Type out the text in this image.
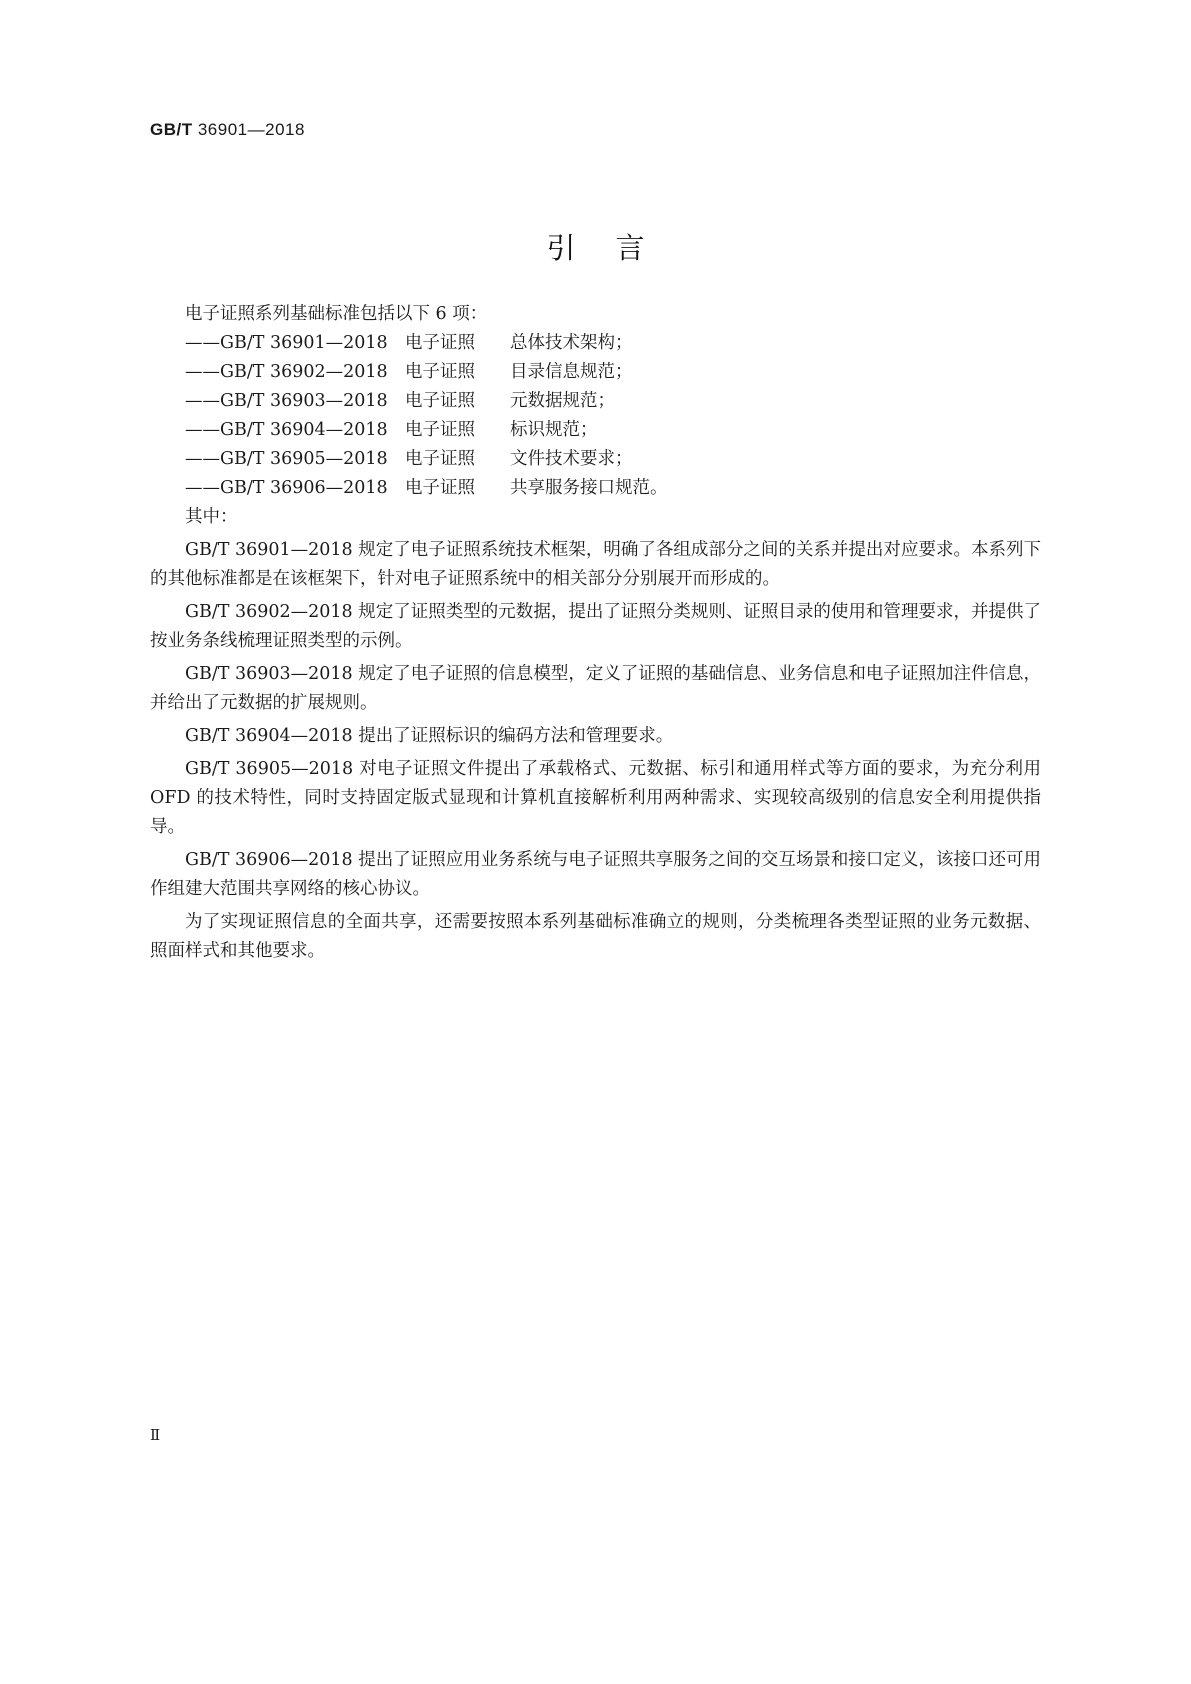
GB/T 36901—2018
引言

电子证照系列基础标准包括以下 6 项：

——GB/T 36901—2018 电子证照	总体技术架构；
——GB/T 36902—2018 电子证照	目录信息规范；
——GB/T 36903—2018 电子证照	元数据规范；
——GB/T 36904—2018 电子证照	标识规范；
——GB/T 36905—2018 电子证照	文件技术要求；
——GB/T 36906—2018 电子证照	共享服务接口规范。

其中：

GB/T 36901—2018 规定了电子证照系统技术框架，明确了各组成部分之间的关系并提出对应要求。本系列下的其他标准都是在该框架下，针对电子证照系统中的相关部分分别展开而形成的。

GB/T 36902—2018 规定了证照类型的元数据，提出了证照分类规则、证照目录的使用和管理要求，并提供了按业务条线梳理证照类型的示例。

GB/T 36903—2018 规定了电子证照的信息模型，定义了证照的基础信息、业务信息和电子证照加注件信息，并给出了元数据的扩展规则。

GB/T 36904—2018 提出了证照标识的编码方法和管理要求。

GB/T 36905—2018 对电子证照文件提出了承载格式、元数据、标引和通用样式等方面的要求，为充分利用 OFD 的技术特性，同时支持固定版式显现和计算机直接解析利用两种需求、实现较高级别的信息安全利用提供指导。

GB/T 36906—2018 提出了证照应用业务系统与电子证照共享服务之间的交互场景和接口定义，该接口还可用作组建大范围共享网络的核心协议。

为了实现证照信息的全面共享，还需要按照本系列基础标准确立的规则，分类梳理各类型证照的业务元数据、照面样式和其他要求。

Ⅱ
